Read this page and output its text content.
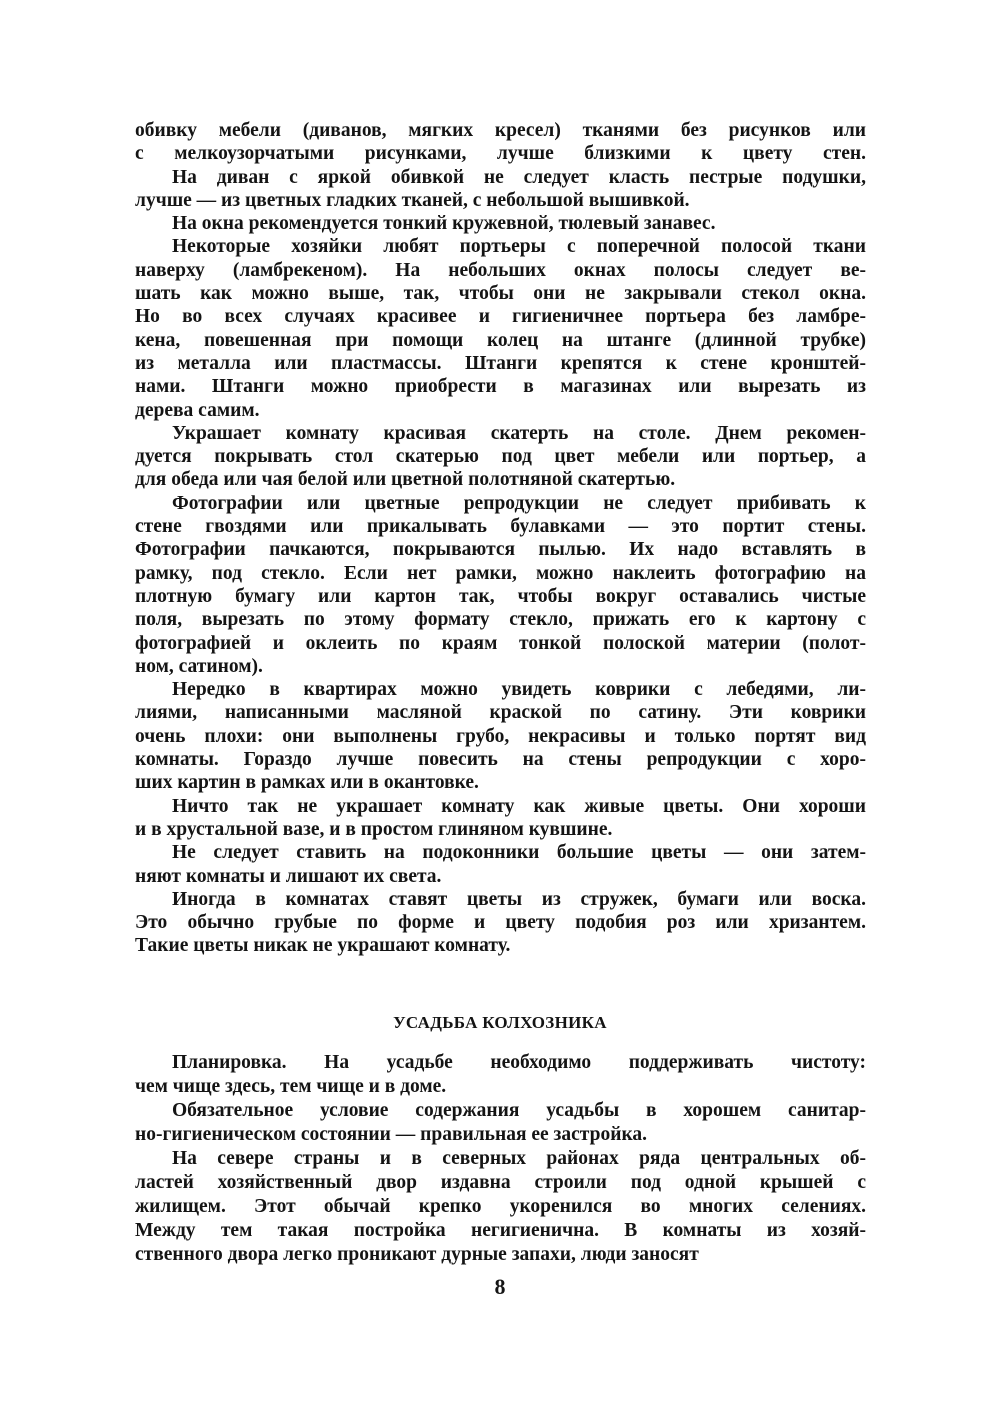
обивку мебели (диванов, мягких кресел) тканями без рисунков или
с мелкоузорчатыми рисунками, лучше близкими к цвету стен.
На диван с яркой обивкой не следует класть пестрые подушки,
лучше — из цветных гладких тканей, с небольшой вышивкой.
На окна рекомендуется тонкий кружевной, тюлевый занавес.
Некоторые хозяйки любят портьеры с поперечной полосой ткани
наверху (ламбрекеном). На небольших окнах полосы следует ве-
шать как можно выше, так, чтобы они не закрывали стекол окна.
Но во всех случаях красивее и гигиеничнее портьера без ламбре-
кена, повешенная при помощи колец на штанге (длинной трубке)
из металла или пластмассы. Штанги крепятся к стене кронштей-
нами. Штанги можно приобрести в магазинах или вырезать из
дерева самим.
Украшает комнату красивая скатерть на столе. Днем рекомен-
дуется покрывать стол скатерью под цвет мебели или портьер, а
для обеда или чая белой или цветной полотняной скатертью.
Фотографии или цветные репродукции не следует прибивать к
стене гвоздями или прикалывать булавками — это портит стены.
Фотографии пачкаются, покрываются пылью. Их надо вставлять в
рамку, под стекло. Если нет рамки, можно наклеить фотографию на
плотную бумагу или картон так, чтобы вокруг оставались чистые
поля, вырезать по этому формату стекло, прижать его к картону с
фотографией и оклеить по краям тонкой полоской материи (полот-
ном, сатином).
Нередко в квартирах можно увидеть коврики с лебедями, ли-
лиями, написанными масляной краской по сатину. Эти коврики
очень плохи: они выполнены грубо, некрасивы и только портят вид
комнаты. Гораздо лучше повесить на стены репродукции с хоро-
ших картин в рамках или в окантовке.
Ничто так не украшает комнату как живые цветы. Они хороши
и в хрустальной вазе, и в простом глиняном кувшине.
Не следует ставить на подоконники большие цветы — они затем-
няют комнаты и лишают их света.
Иногда в комнатах ставят цветы из стружек, бумаги или воска.
Это обычно грубые по форме и цвету подобия роз или хризантем.
Такие цветы никак не украшают комнату.
УСАДЬБА КОЛХОЗНИКА
Планировка. На усадьбе необходимо поддерживать чистоту:
чем чище здесь, тем чище и в доме.
Обязательное условие содержания усадьбы в хорошем санитар-
но-гигиеническом состоянии — правильная ее застройка.
На севере страны и в северных районах ряда центральных об-
ластей хозяйственный двор издавна строили под одной крышей с
жилищем. Этот обычай крепко укоренился во многих селениях.
Между тем такая постройка негигиенична. В комнаты из хозяй-
ственного двора легко проникают дурные запахи, люди заносят
8
